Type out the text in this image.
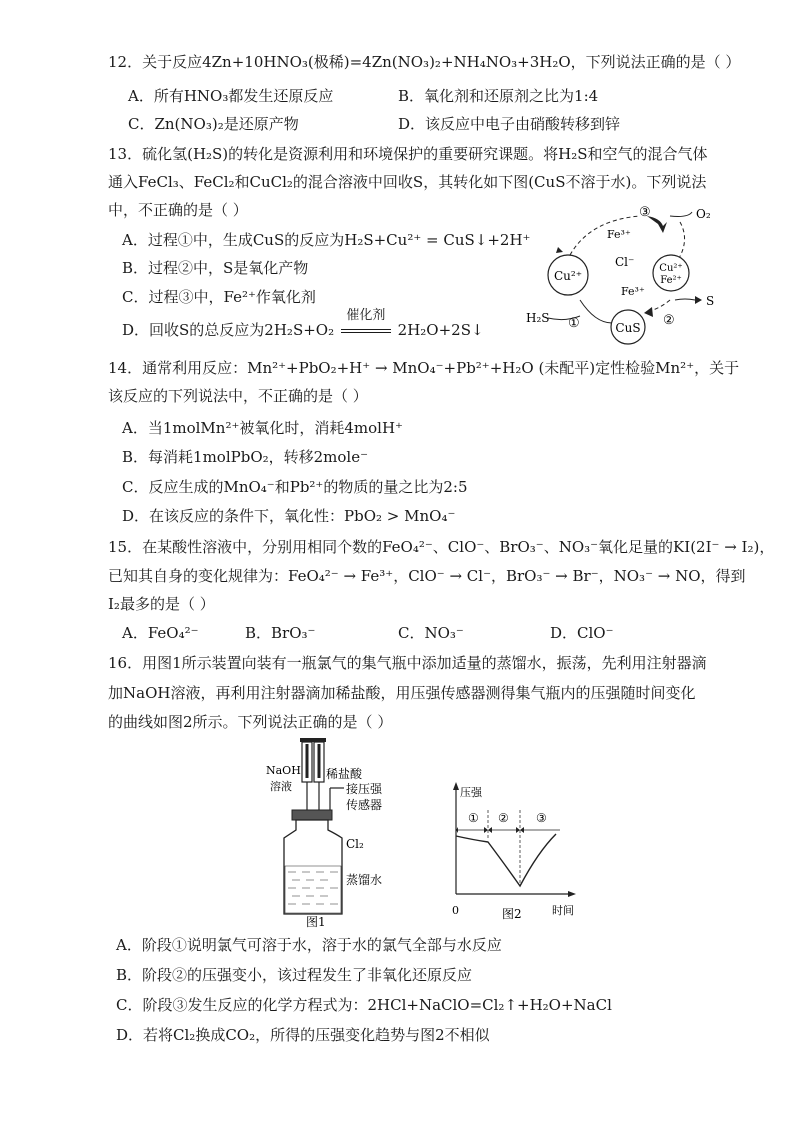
12．关于反应4Zn+10HNO₃(极稀)=4Zn(NO₃)₂+NH₄NO₃+3H₂O，下列说法正确的是（ ）
A．所有HNO₃都发生还原反应	B．氧化剂和还原剂之比为1:4
C．Zn(NO₃)₂是还原产物	D．该反应中电子由硝酸转移到锌
13．硫化氢(H₂S)的转化是资源利用和环境保护的重要研究课题。将H₂S和空气的混合气体
通入FeCl₃、FeCl₂和CuCl₂的混合溶液中回收S，其转化如下图(CuS不溶于水)。下列说法
中，不正确的是（ ）
A．过程①中，生成CuS的反应为H₂S+Cu²⁺ = CuS↓+2H⁺
B．过程②中，S是氧化产物
C．过程③中，Fe²⁺作氧化剂
D．回收S的总反应为2H₂S+O₂
催化剂
2H₂O+2S↓
Cu²⁺
CuS
Cu²⁺
Fe²⁺
Fe³⁺
Fe³⁺
Cl⁻
H₂S
O₂
S
①	②
③
14．通常利用反应：Mn²⁺+PbO₂+H⁺ → MnO₄⁻+Pb²⁺+H₂O (未配平)定性检验Mn²⁺，关于
该反应的下列说法中，不正确的是（ ）
A．当1molMn²⁺被氧化时，消耗4molH⁺
B．每消耗1molPbO₂，转移2mole⁻
C．反应生成的MnO₄⁻和Pb²⁺的物质的量之比为2:5
D．在该反应的条件下，氧化性：PbO₂ > MnO₄⁻
15．在某酸性溶液中，分别用相同个数的FeO₄²⁻、ClO⁻、BrO₃⁻、NO₃⁻氧化足量的KI(2I⁻ → I₂)，
已知其自身的变化规律为：FeO₄²⁻ → Fe³⁺，ClO⁻ → Cl⁻，BrO₃⁻ → Br⁻，NO₃⁻ → NO，得到
I₂最多的是（ ）
A．FeO₄²⁻	B．BrO₃⁻	C．NO₃⁻	D．ClO⁻
16．用图1所示装置向装有一瓶氯气的集气瓶中添加适量的蒸馏水，振荡，先利用注射器滴
加NaOH溶液，再利用注射器滴加稀盐酸，用压强传感器测得集气瓶内的压强随时间变化
的曲线如图2所示。下列说法正确的是（ ）
NaOH
溶液
稀盐酸
接压强
传感器
Cl₂
蒸馏水
图1
压强
① ② ③
0	图2	时间
A．阶段①说明氯气可溶于水，溶于水的氯气全部与水反应
B．阶段②的压强变小，该过程发生了非氧化还原反应
C．阶段③发生反应的化学方程式为：2HCl+NaClO=Cl₂↑+H₂O+NaCl
D．若将Cl₂换成CO₂，所得的压强变化趋势与图2不相似
